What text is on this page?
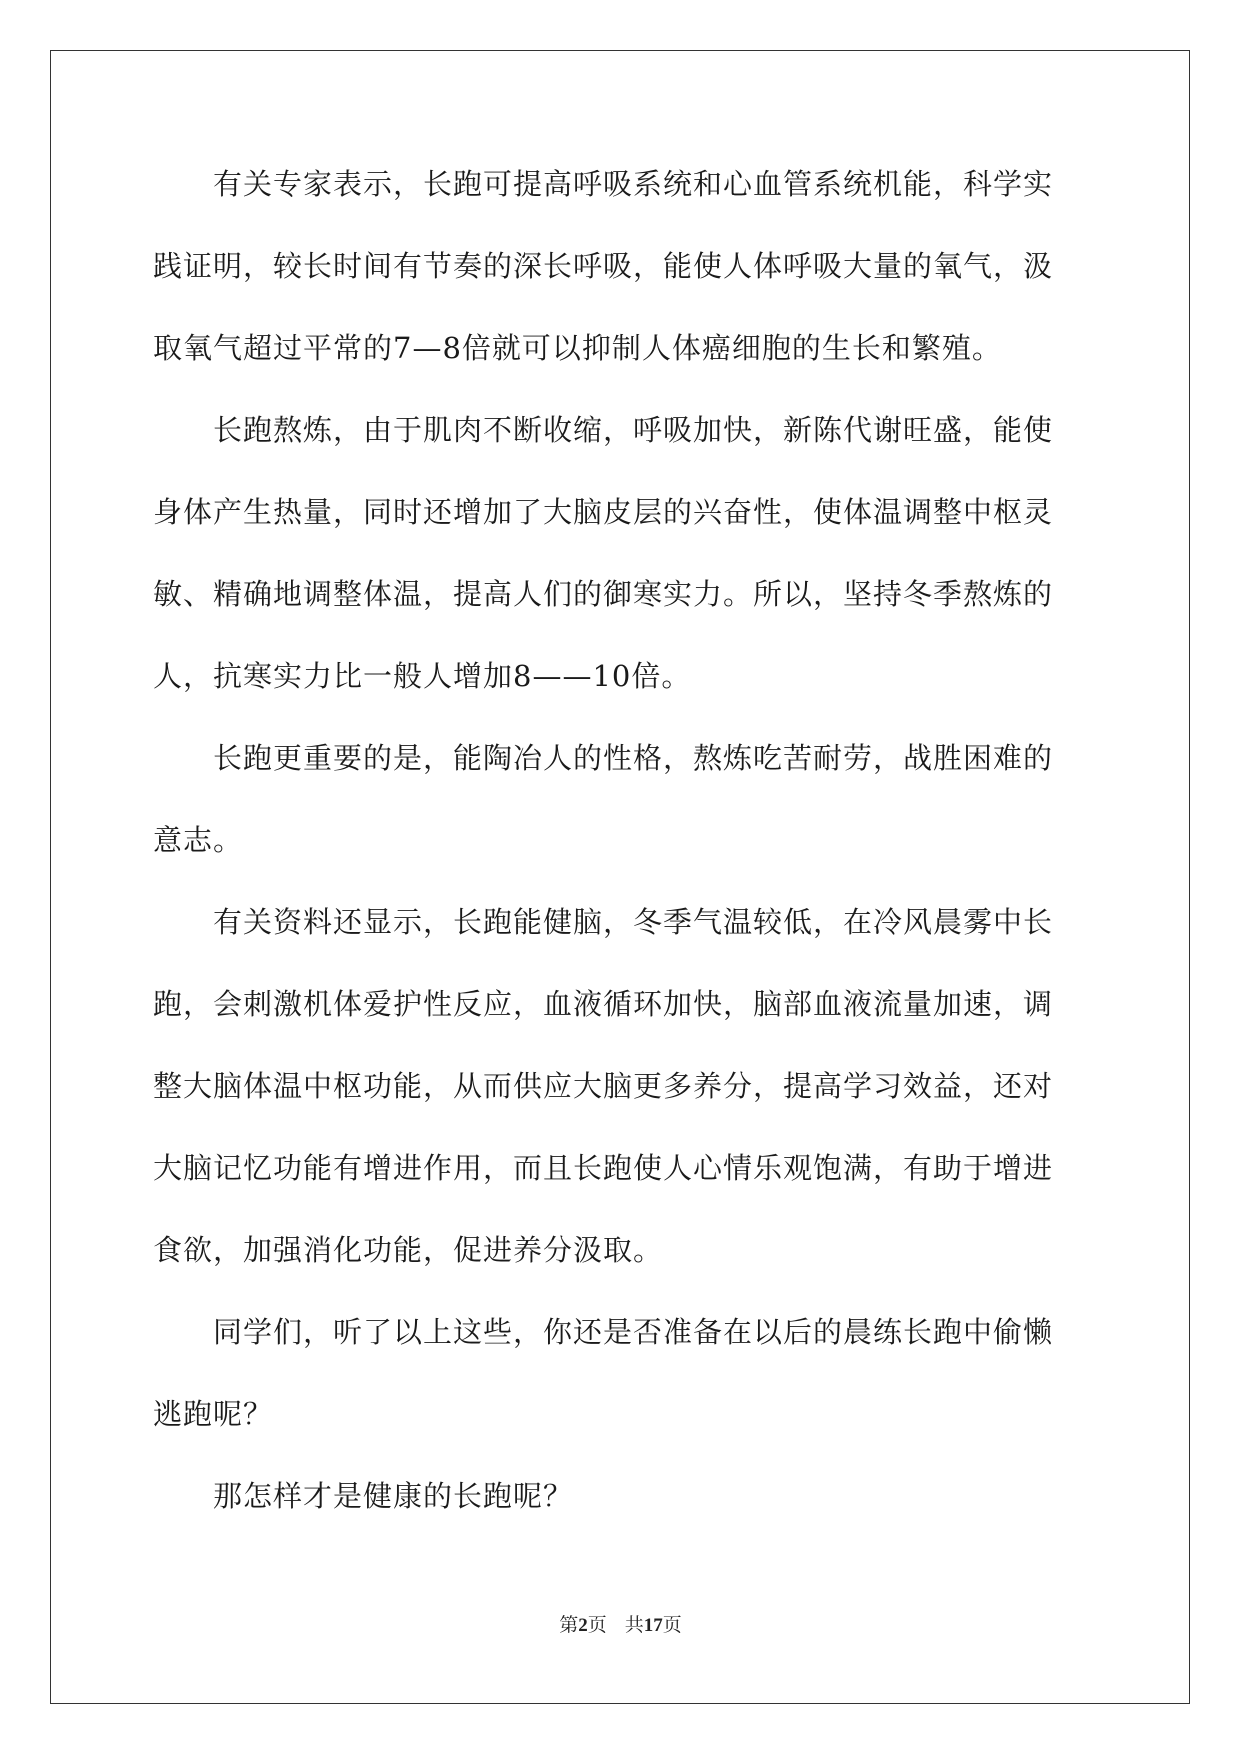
有关专家表示，长跑可提高呼吸系统和心血管系统机能，科学实
践证明，较长时间有节奏的深长呼吸，能使人体呼吸大量的氧气，汲
取氧气超过平常的7—8倍就可以抑制人体癌细胞的生长和繁殖。
长跑熬炼，由于肌肉不断收缩，呼吸加快，新陈代谢旺盛，能使
身体产生热量，同时还增加了大脑皮层的兴奋性，使体温调整中枢灵
敏、精确地调整体温，提高人们的御寒实力。所以，坚持冬季熬炼的
人，抗寒实力比一般人增加8——10倍。
长跑更重要的是，能陶冶人的性格，熬炼吃苦耐劳，战胜困难的
意志。
有关资料还显示，长跑能健脑，冬季气温较低，在冷风晨雾中长
跑，会刺激机体爱护性反应，血液循环加快，脑部血液流量加速，调
整大脑体温中枢功能，从而供应大脑更多养分，提高学习效益，还对
大脑记忆功能有增进作用，而且长跑使人心情乐观饱满，有助于增进
食欲，加强消化功能，促进养分汲取。
同学们，听了以上这些，你还是否准备在以后的晨练长跑中偷懒
逃跑呢？
那怎样才是健康的长跑呢？
第2页 共17页
